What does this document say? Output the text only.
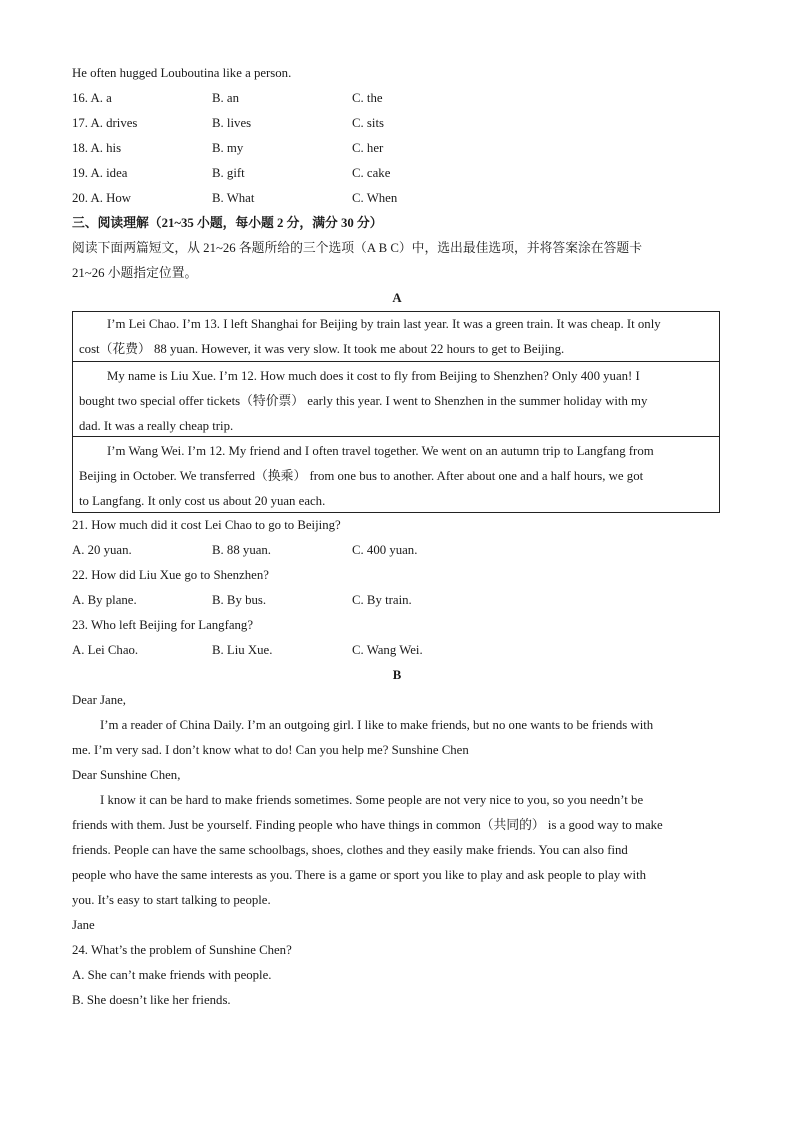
He often hugged Louboutina like a person.
16. A. a	B. an	C. the
17. A. drives	B. lives	C. sits
18. A. his	B. my	C. her
19. A. idea	B. gift	C. cake
20. A. How	B. What	C. When
三、阅读理解（21~35 小题，每小题 2 分，满分 30 分）
阅读下面两篇短文，从 21~26 各题所给的三个选项（A B C）中，选出最佳选项，并将答案涂在答题卡
21~26 小题指定位置。
A
I’m Lei Chao. I’m 13. I left Shanghai for Beijing by train last year. It was a green train. It was cheap. It only
cost（花费） 88 yuan. However, it was very slow. It took me about 22 hours to get to Beijing.
My name is Liu Xue. I’m 12. How much does it cost to fly from Beijing to Shenzhen? Only 400 yuan! I
bought two special offer tickets（特价票） early this year. I went to Shenzhen in the summer holiday with my
dad. It was a really cheap trip.
I’m Wang Wei. I’m 12. My friend and I often travel together. We went on an autumn trip to Langfang from
Beijing in October. We transferred（换乘） from one bus to another. After about one and a half hours, we got
to Langfang. It only cost us about 20 yuan each.
21. How much did it cost Lei Chao to go to Beijing?
A. 20 yuan.	B. 88 yuan.	C. 400 yuan.
22. How did Liu Xue go to Shenzhen?
A. By plane.	B. By bus.	C. By train.
23. Who left Beijing for Langfang?
A. Lei Chao.	B. Liu Xue.	C. Wang Wei.
B
Dear Jane,
I’m a reader of China Daily. I’m an outgoing girl. I like to make friends, but no one wants to be friends with
me. I’m very sad. I don’t know what to do! Can you help me? Sunshine Chen
Dear Sunshine Chen,
I know it can be hard to make friends sometimes. Some people are not very nice to you, so you needn’t be
friends with them. Just be yourself. Finding people who have things in common（共同的） is a good way to make
friends. People can have the same schoolbags, shoes, clothes and they easily make friends. You can also find
people who have the same interests as you. There is a game or sport you like to play and ask people to play with
you. It’s easy to start talking to people.
Jane
24. What’s the problem of Sunshine Chen?
A. She can’t make friends with people.
B. She doesn’t like her friends.
